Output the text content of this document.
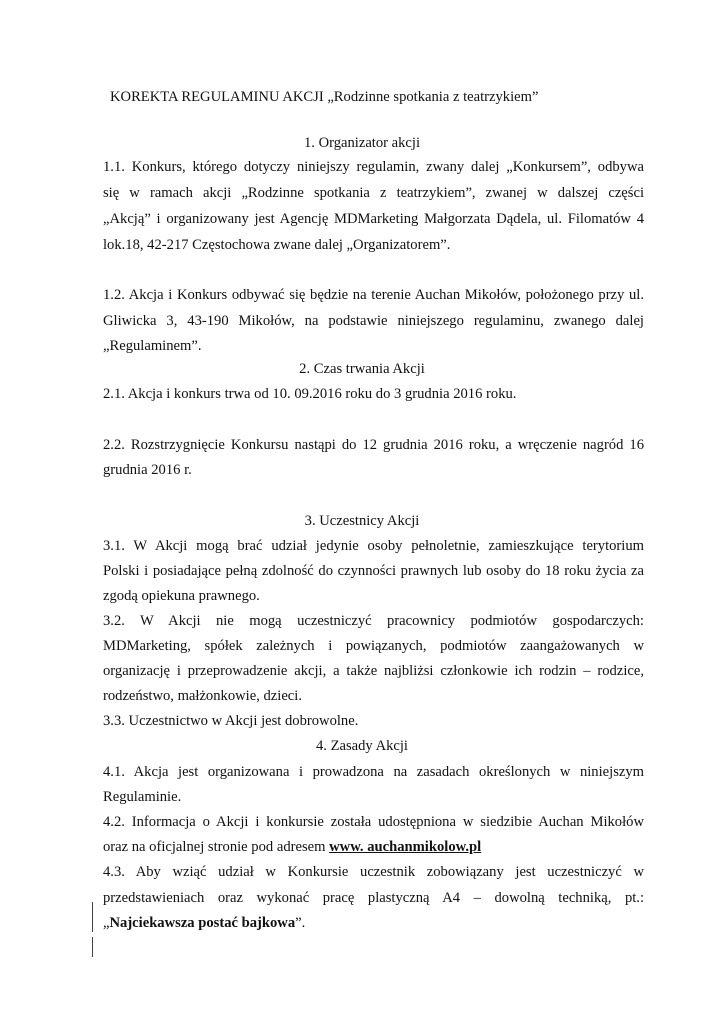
KOREKTA REGULAMINU AKCJI „Rodzinne spotkania z teatrzykiem”
1. Organizator akcji
1.1. Konkurs, którego dotyczy niniejszy regulamin, zwany dalej „Konkursem”, odbywa
się w ramach akcji „Rodzinne spotkania z teatrzykiem”, zwanej w dalszej części
„Akcją” i organizowany jest Agencję MDMarketing Małgorzata Dądela, ul. Filomatów 4
lok.18, 42-217 Częstochowa zwane dalej „Organizatorem”.
1.2. Akcja i Konkurs odbywać się będzie na terenie Auchan Mikołów, położonego przy ul.
Gliwicka 3, 43-190 Mikołów, na podstawie niniejszego regulaminu, zwanego dalej
„Regulaminem”.
2. Czas trwania Akcji
2.1. Akcja i konkurs trwa od 10. 09.2016 roku do 3 grudnia 2016 roku.
2.2. Rozstrzygnięcie Konkursu nastąpi do 12 grudnia 2016 roku, a wręczenie nagród 16
grudnia 2016 r.
3. Uczestnicy Akcji
3.1. W Akcji mogą brać udział jedynie osoby pełnoletnie, zamieszkujące terytorium
Polski i posiadające pełną zdolność do czynności prawnych lub osoby do 18 roku życia za
zgodą opiekuna prawnego.
3.2. W Akcji nie mogą uczestniczyć pracownicy podmiotów gospodarczych:
MDMarketing, spółek zależnych i powiązanych, podmiotów zaangażowanych w
organizację i przeprowadzenie akcji, a także najbliżsi członkowie ich rodzin – rodzice,
rodzeństwo, małżonkowie, dzieci.
3.3. Uczestnictwo w Akcji jest dobrowolne.
4. Zasady Akcji
4.1. Akcja jest organizowana i prowadzona na zasadach określonych w niniejszym
Regulaminie.
4.2. Informacja o Akcji i konkursie została udostępniona w siedzibie Auchan Mikołów
oraz na oficjalnej stronie pod adresem www. auchanmikolow.pl
4.3. Aby wziąć udział w Konkursie uczestnik zobowiązany jest uczestniczyć w
przedstawieniach oraz wykonać pracę plastyczną A4 – dowolną techniką, pt.:
„Najciekawsza postać bajkowa”.
